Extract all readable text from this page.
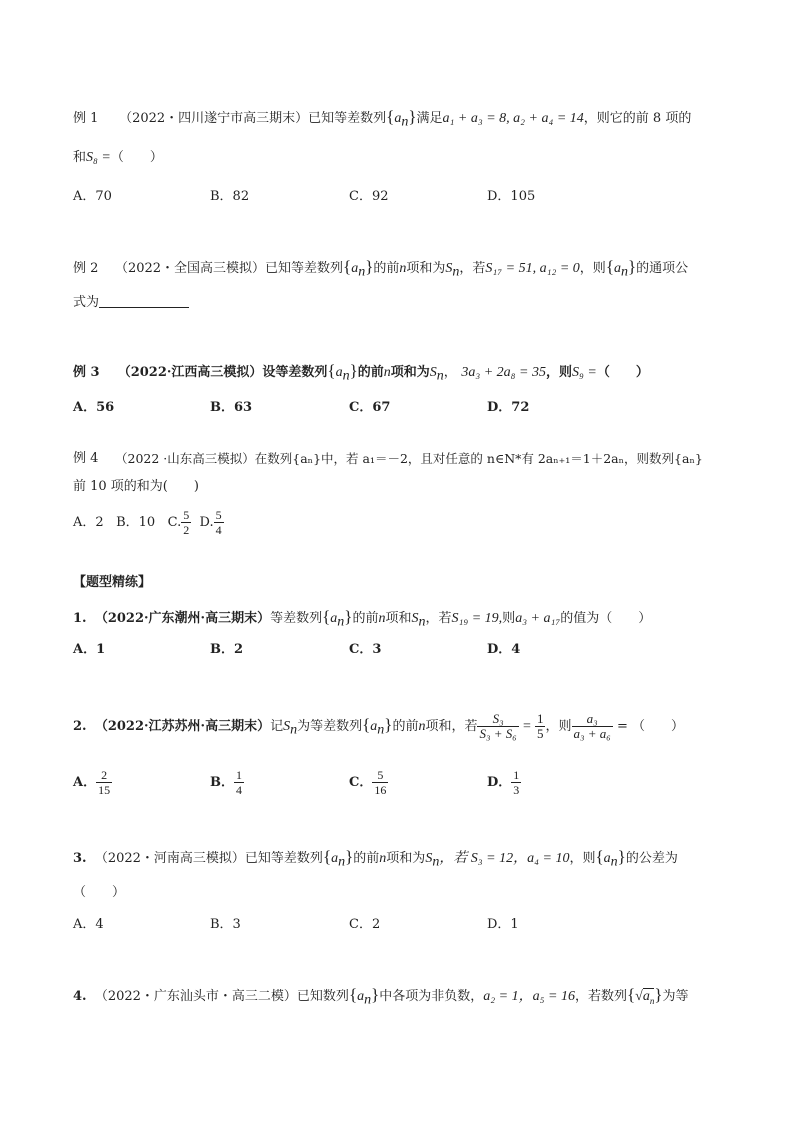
例 1 （2022・四川遂宁市高三期末）已知等差数列$\{a_n\}$满足a₁ + a₃ = 8, a₂ + a₄ = 14，则它的前 8 项的
和S₈ =（　　）
A．70	B．82	C．92	D．105
例 2 （2022・全国高三模拟）已知等差数列$\{a_n\}$的前n项和为$S_n$，若S₁₇ = 51, a₁₂ = 0，则$\{a_n\}$的通项公
式为
例 3 （2022·江西高三模拟）设等差数列$\{a_n\}$的前n项和为$S_n$， 3a₃ + 2a₈ = 35，则S₉ =（　　）
A．56	B．63	C．67	D．72
例 4 （2022 ·山东高三模拟）在数列{aₙ}中，若 a₁＝－2，且对任意的 n∈N*有 2aₙ₊₁＝1＋2aₙ，则数列{aₙ}
前 10 项的和为(　　)
A．2 B．10 C. $\frac{5}{2} D$. $\frac{5}{4}$
【题型精练】
1. （2022·广东潮州·高三期末）等差数列$\{a_n\}$的前n项和$S_n$，若S₁₉ = 19,则a₃ + a₁₇的值为（　　）
A．1	B．2	C．3	D．4
2. （2022·江苏苏州·高三期末）记$S_n$为等差数列$\{a_n\}$的前n项和，若 $\frac{\text{S₃}}{\text{S₃ + S₆}} = \frac{1}{5}$ ，则 $\frac{\text{a₃}}{\text{a₃ + a₆}}$ = （　　）
A． $\frac{2}{15}$	B． $\frac{1}{4}$	C． $\frac{5}{16}$	D． $\frac{1}{3}$
3. （2022・河南高三模拟）已知等差数列$\{a_n\}$的前n项和为$S_n$，若 S₃ = 12，a₄ = 10，则$\{a_n\}$的公差为
（　　）
A．4	B．3	C．2	D．1
4. （2022・广东汕头市・高三二模）已知数列$\{a_n\}$中各项为非负数，a₂ = 1，a₅ = 16，若数列$\{√a_n\}$为等
